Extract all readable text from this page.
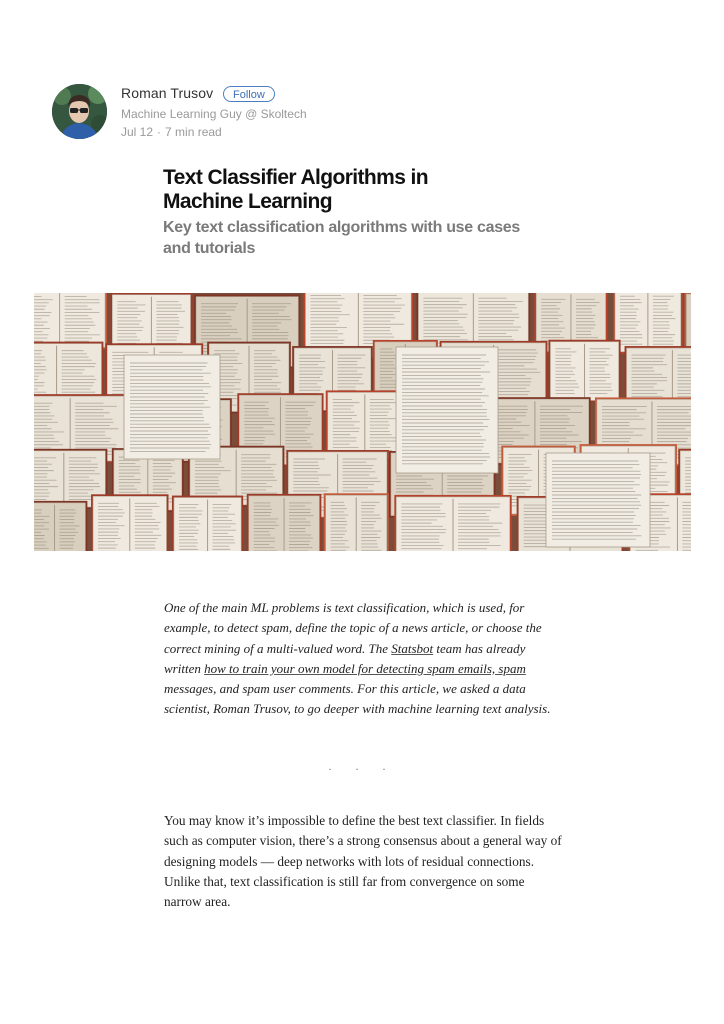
Roman Trusov	Follow
Machine Learning Guy @ Skoltech
Jul 12 · 7 min read
Text Classifier Algorithms in
Machine Learning
Key text classification algorithms with use cases and tutorials

One of the main ML problems is text classification, which is used, for example, to detect spam, define the topic of a news article, or choose the correct mining of a multi-valued word. The Statsbot team has already written how to train your own model for detecting spam emails, spam messages, and spam user comments. For this article, we asked a data scientist, Roman Trusov, to go deeper with machine learning text analysis.

· · ·

You may know it’s impossible to define the best text classifier. In fields such as computer vision, there’s a strong consensus about a general way of designing models — deep networks with lots of residual connections. Unlike that, text classification is still far from convergence on some narrow area.
